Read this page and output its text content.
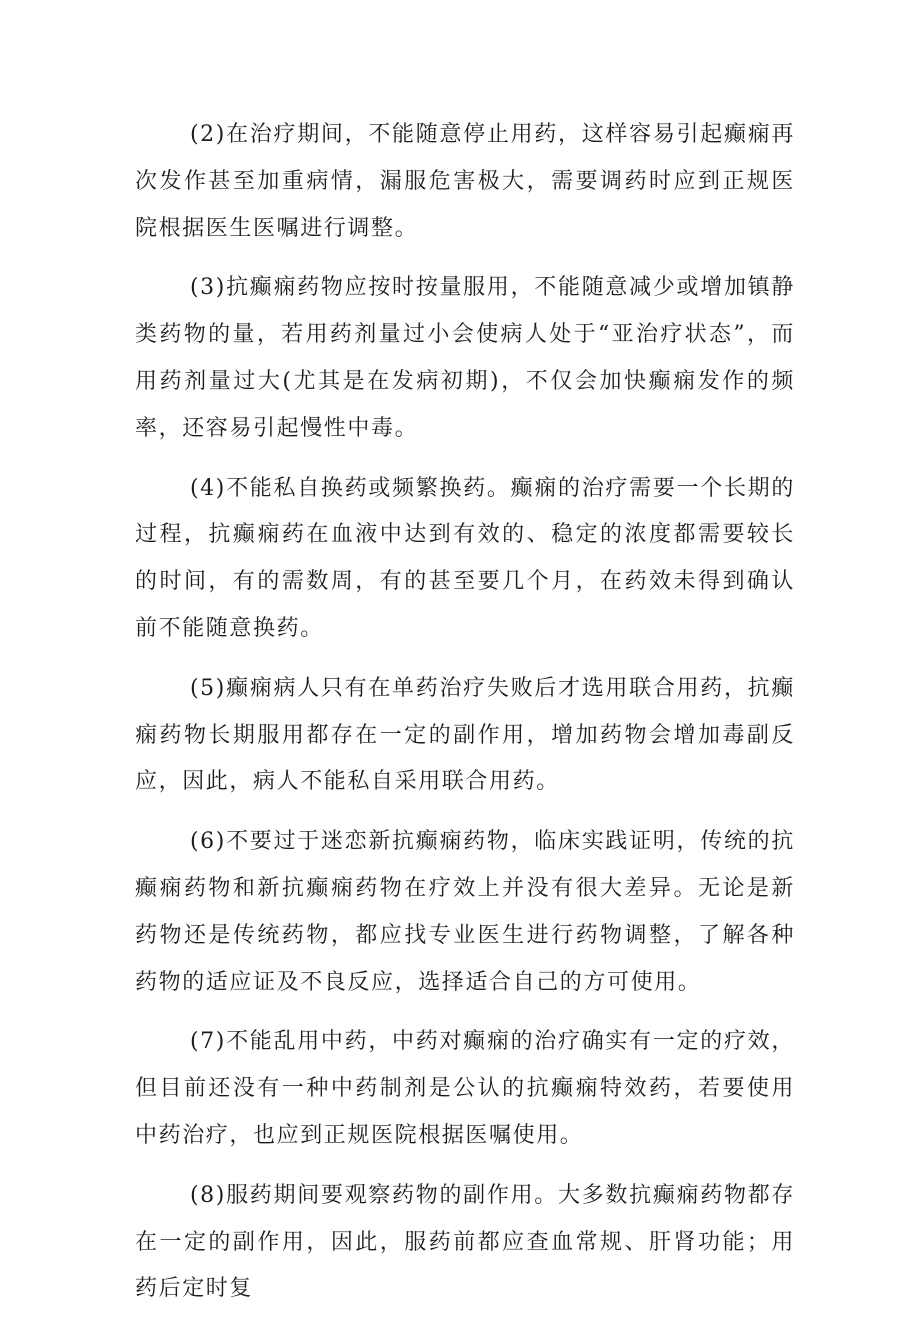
(2)在治疗期间，不能随意停止用药，这样容易引起癫痫再次发作甚至加重病情，漏服危害极大，需要调药时应到正规医院根据医生医嘱进行调整。

(3)抗癫痫药物应按时按量服用，不能随意减少或增加镇静类药物的量，若用药剂量过小会使病人处于“亚治疗状态”，而用药剂量过大(尤其是在发病初期)，不仅会加快癫痫发作的频率，还容易引起慢性中毒。

(4)不能私自换药或频繁换药。癫痫的治疗需要一个长期的过程，抗癫痫药在血液中达到有效的、稳定的浓度都需要较长的时间，有的需数周，有的甚至要几个月，在药效未得到确认前不能随意换药。

(5)癫痫病人只有在单药治疗失败后才选用联合用药，抗癫痫药物长期服用都存在一定的副作用，增加药物会增加毒副反应，因此，病人不能私自采用联合用药。

(6)不要过于迷恋新抗癫痫药物，临床实践证明，传统的抗癫痫药物和新抗癫痫药物在疗效上并没有很大差异。无论是新药物还是传统药物，都应找专业医生进行药物调整，了解各种药物的适应证及不良反应，选择适合自己的方可使用。

(7)不能乱用中药，中药对癫痫的治疗确实有一定的疗效，但目前还没有一种中药制剂是公认的抗癫痫特效药，若要使用中药治疗，也应到正规医院根据医嘱使用。

(8)服药期间要观察药物的副作用。大多数抗癫痫药物都存在一定的副作用，因此，服药前都应查血常规、肝肾功能；用药后定时复
